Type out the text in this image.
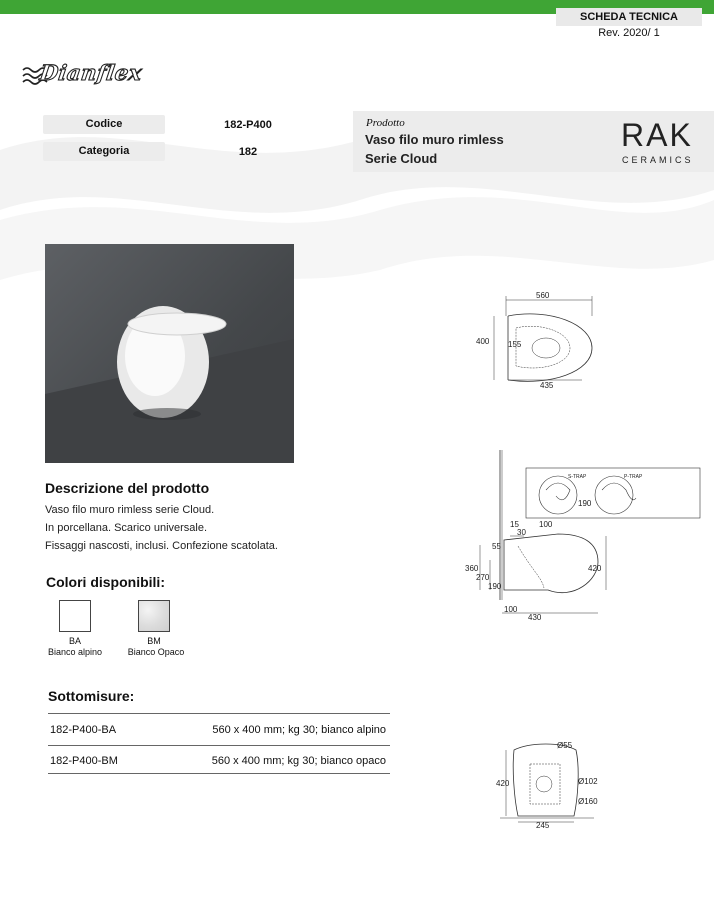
SCHEDA TECNICA
Rev. 2020/ 1
Dianflex
Codice	182-P400
Categoria	182
Prodotto
Vaso filo muro rimless
Serie Cloud
RAK
CERAMICS
Descrizione del prodotto
Vaso filo muro rimless serie Cloud.
In porcellana. Scarico universale.
Fissaggi nascosti, inclusi. Confezione scatolata.
Colori disponibili:
BA
Bianco alpino
BM
Bianco Opaco
Sottomisure:
182-P400-BA	560 x 400 mm; kg 30; bianco alpino
182-P400-BM	560 x 400 mm; kg 30; bianco opaco
560
400 155
435
S-TRAP	P-TRAP
190
100
15
30
55
360
270
190
420
100
430
420
Ø55
Ø102
Ø160
245
